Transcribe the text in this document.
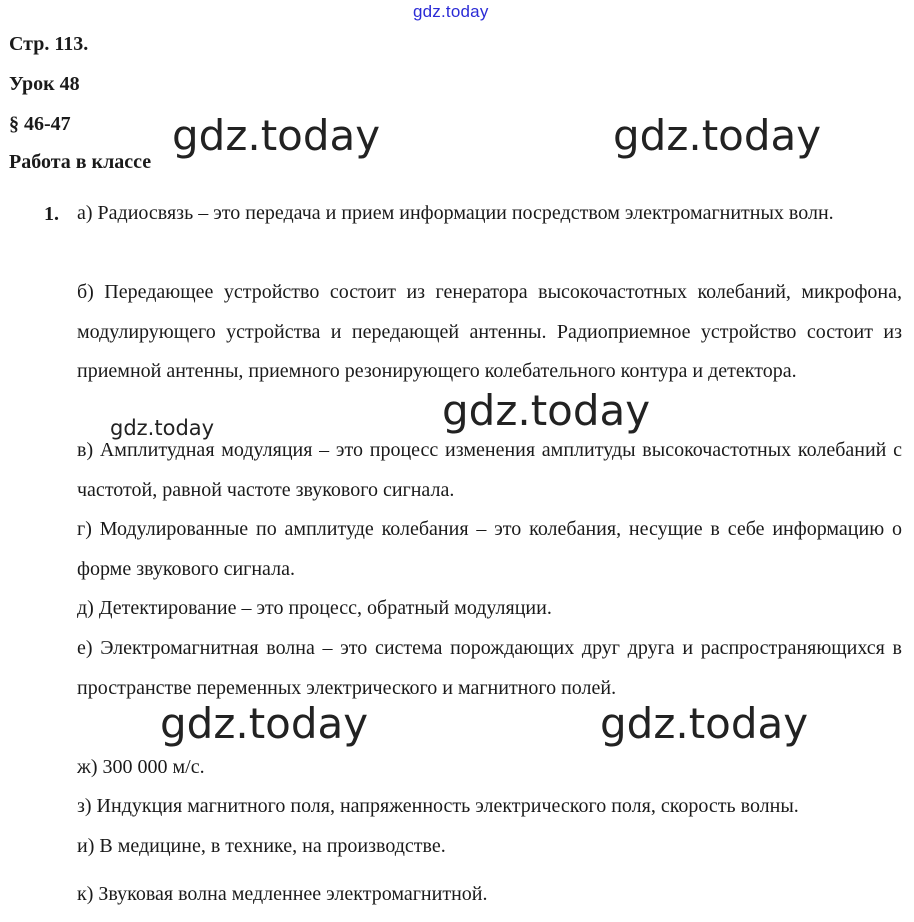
gdz.today
Стр. 113.
Урок 48
§ 46-47
Работа в классе
1. а) Радиосвязь – это передача и прием информации посредством электромагнитных волн.

б) Передающее устройство состоит из генератора высокочастотных колебаний, микрофона, модулирующего устройства и передающей антенны. Радиоприемное устройство состоит из приемной антенны, приемного резонирующего колебательного контура и детектора.

в) Амплитудная модуляция – это процесс изменения амплитуды высокочастотных колебаний с частотой, равной частоте звукового сигнала.

г) Модулированные по амплитуде колебания – это колебания, несущие в себе информацию о форме звукового сигнала.

д) Детектирование – это процесс, обратный модуляции.

е) Электромагнитная волна – это система порождающих друг друга и распространяющихся в пространстве переменных электрического и магнитного полей.

ж) 300 000 м/с.

з) Индукция магнитного поля, напряженность электрического поля, скорость волны.

и) В медицине, в технике, на производстве.

к) Звуковая волна медленнее электромагнитной.

gdz.today	gdz.today
gdz.today
gdz.today
gdz.today	gdz.today
